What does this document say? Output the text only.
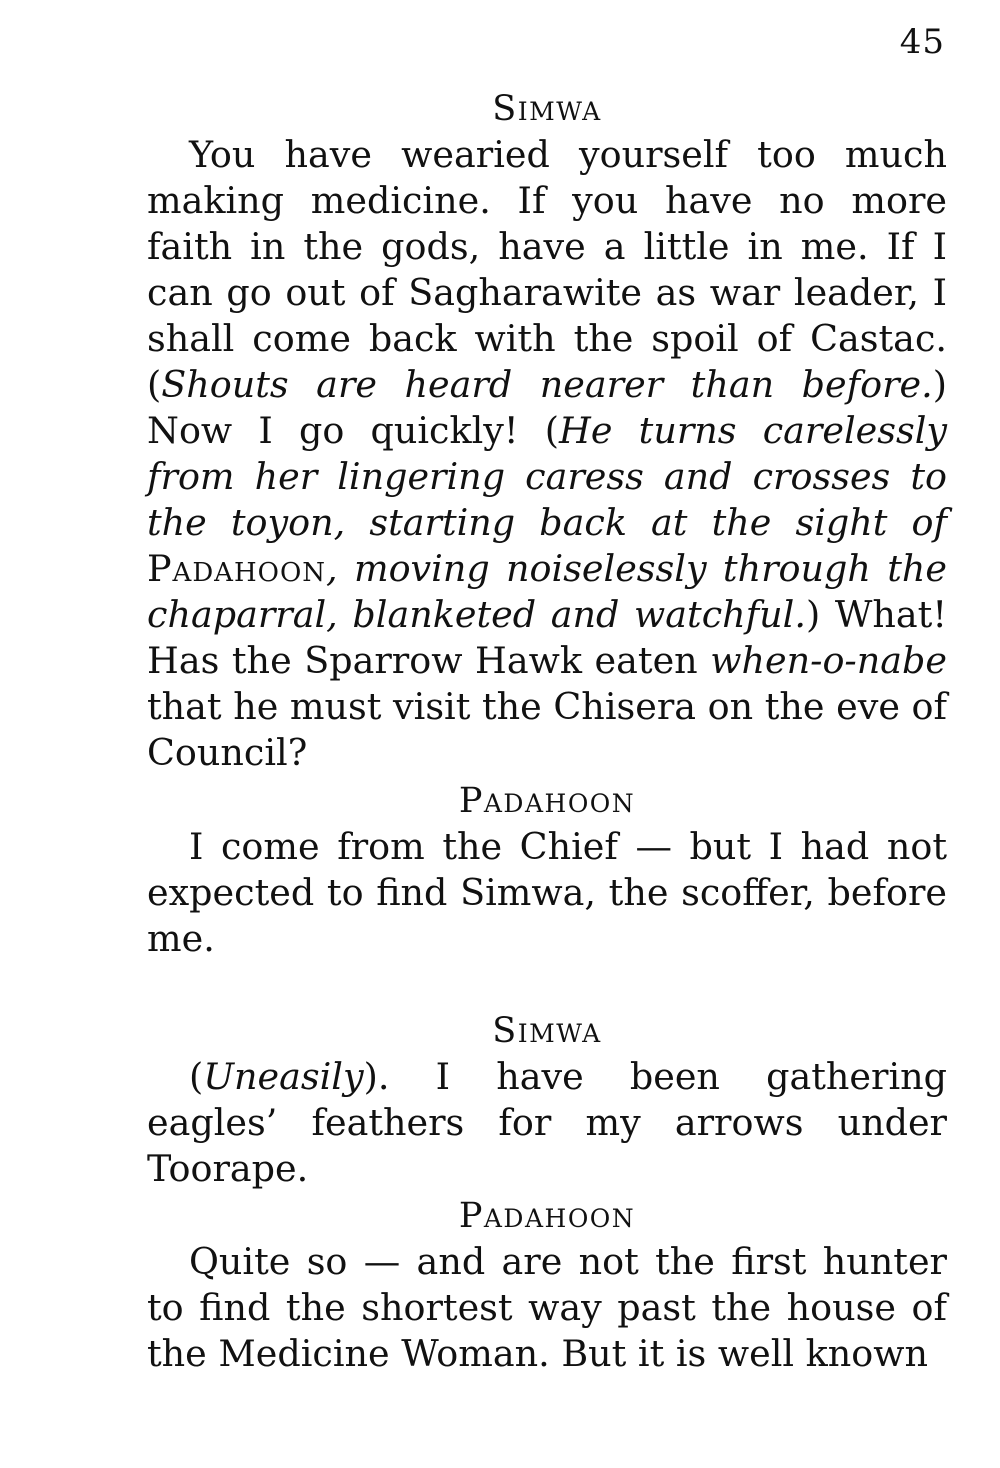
45

Simwa

You have wearied yourself too much making medicine. If you have no more faith in the gods, have a little in me. If I can go out of Sagharawite as war leader, I shall come back with the spoil of Castac. (Shouts are heard nearer than before.) Now I go quickly! (He turns carelessly from her lingering caress and crosses to the toyon, starting back at the sight of Padahoon, moving noiselessly through the chaparral, blanketed and watchful.) What! Has the Sparrow Hawk eaten when-o-nabe that he must visit the Chisera on the eve of Council?

Padahoon

I come from the Chief — but I had not expected to find Simwa, the scoffer, before me.

Simwa

(Uneasily). I have been gathering eagles’ feathers for my arrows under Toorape.

Padahoon

Quite so — and are not the first hunter to find the shortest way past the house of the Medicine Woman. But it is well known
